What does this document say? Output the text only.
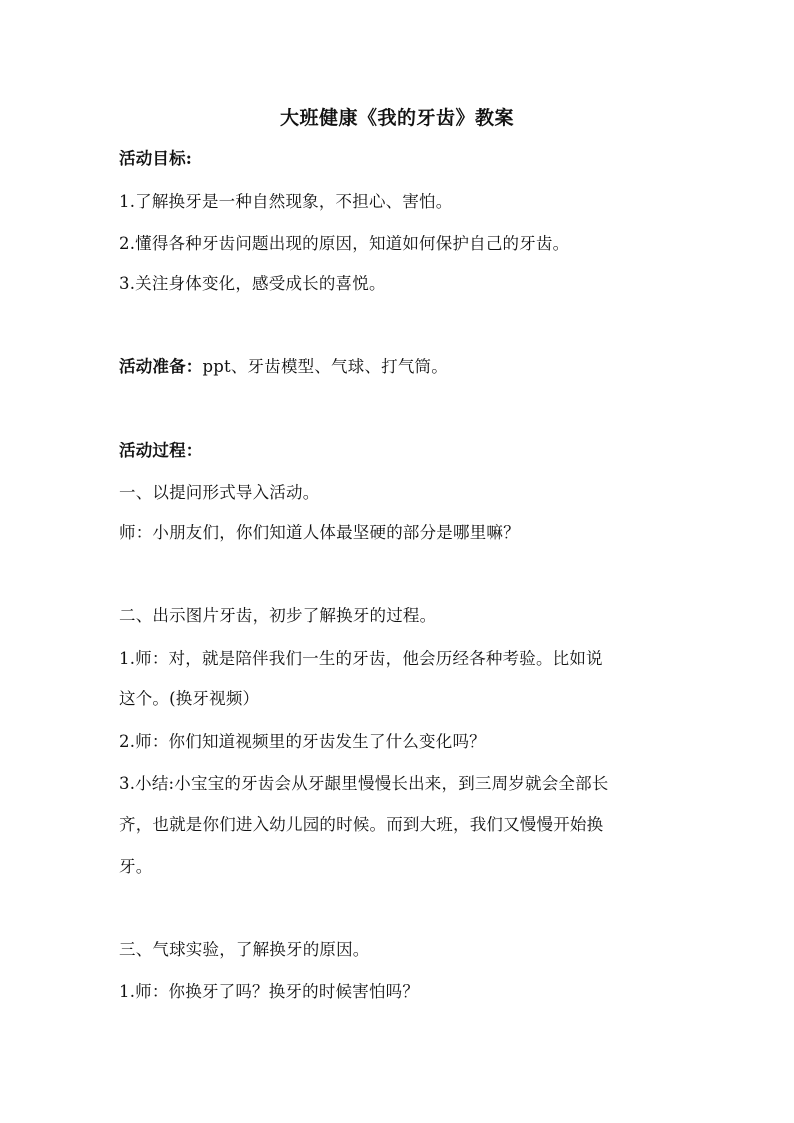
大班健康《我的牙齿》教案
活动目标:
1.了解换牙是一种自然现象，不担心、害怕。
2.懂得各种牙齿问题出现的原因，知道如何保护自己的牙齿。
3.关注身体变化，感受成长的喜悦。
活动准备：ppt、牙齿模型、气球、打气筒。
活动过程：
一、以提问形式导入活动。
师：小朋友们，你们知道人体最坚硬的部分是哪里嘛？
二、出示图片牙齿，初步了解换牙的过程。
1.师：对，就是陪伴我们一生的牙齿，他会历经各种考验。比如说
这个。(换牙视频）
2.师：你们知道视频里的牙齿发生了什么变化吗？
3.小结:小宝宝的牙齿会从牙龈里慢慢长出来，到三周岁就会全部长
齐，也就是你们进入幼儿园的时候。而到大班，我们又慢慢开始换
牙。
三、气球实验，了解换牙的原因。
1.师：你换牙了吗？换牙的时候害怕吗？
